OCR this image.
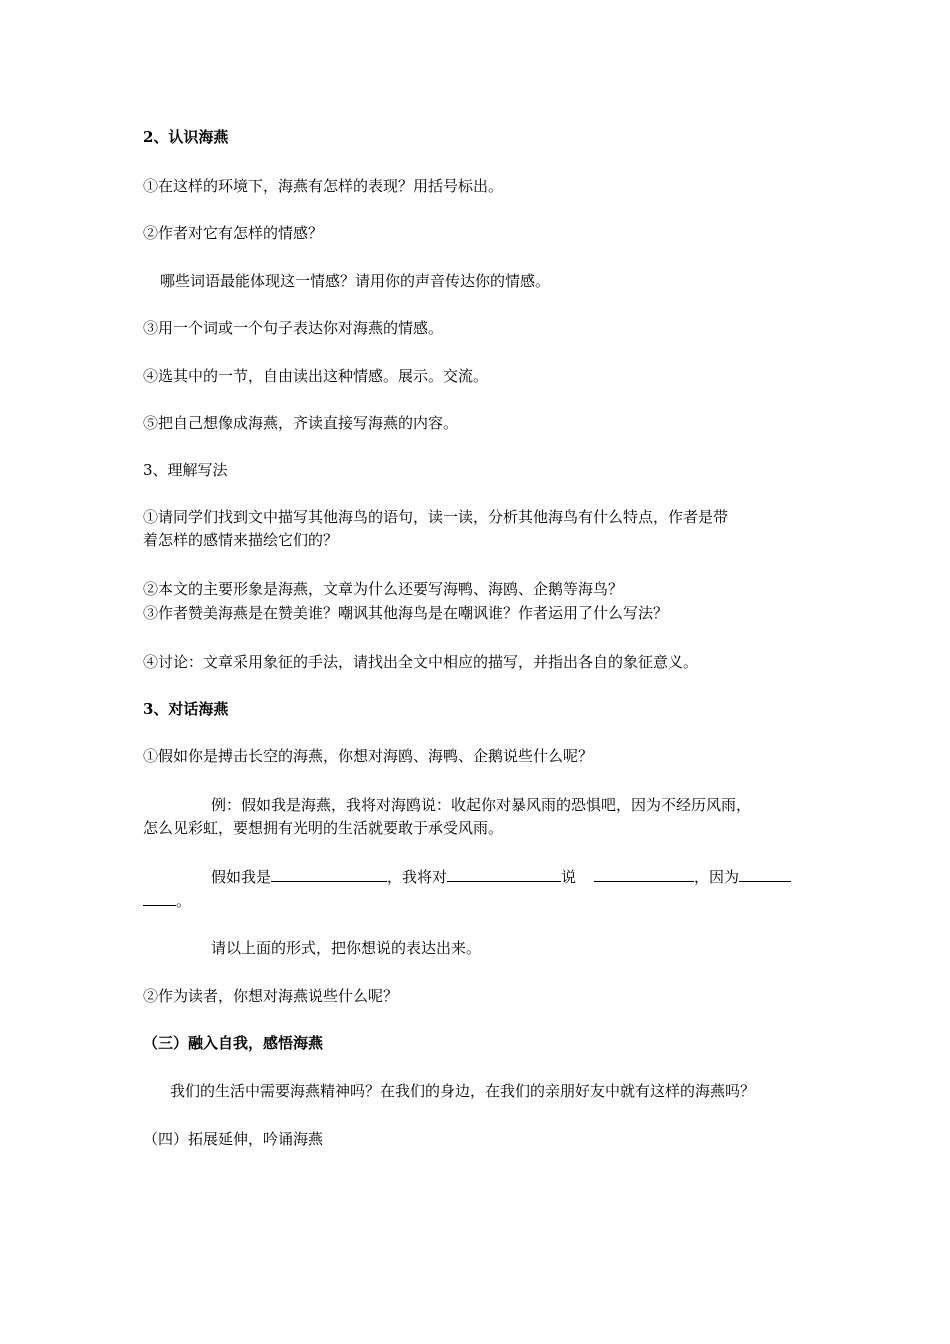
2、认识海燕
①在这样的环境下，海燕有怎样的表现？用括号标出。
②作者对它有怎样的情感？
哪些词语最能体现这一情感？请用你的声音传达你的情感。
③用一个词或一个句子表达你对海燕的情感。
④选其中的一节，自由读出这种情感。展示。交流。
⑤把自己想像成海燕，齐读直接写海燕的内容。
3、理解写法
①请同学们找到文中描写其他海鸟的语句，读一读，分析其他海鸟有什么特点，作者是带
着怎样的感情来描绘它们的？
②本文的主要形象是海燕，文章为什么还要写海鸭、海鸥、企鹅等海鸟？
③作者赞美海燕是在赞美谁？嘲讽其他海鸟是在嘲讽谁？作者运用了什么写法？
④讨论：文章采用象征的手法，请找出全文中相应的描写，并指出各自的象征意义。
3、对话海燕
①假如你是搏击长空的海燕，你想对海鸥、海鸭、企鹅说些什么呢？
例：假如我是海燕，我将对海鸥说：收起你对暴风雨的恐惧吧，因为不经历风雨，
怎么见彩虹，要想拥有光明的生活就要敢于承受风雨。
假如我是	，我将对	说	，因为
。
请以上面的形式，把你想说的表达出来。
②作为读者，你想对海燕说些什么呢？
（三）融入自我，感悟海燕
我们的生活中需要海燕精神吗？在我们的身边，在我们的亲朋好友中就有这样的海燕吗？
（四）拓展延伸，吟诵海燕
